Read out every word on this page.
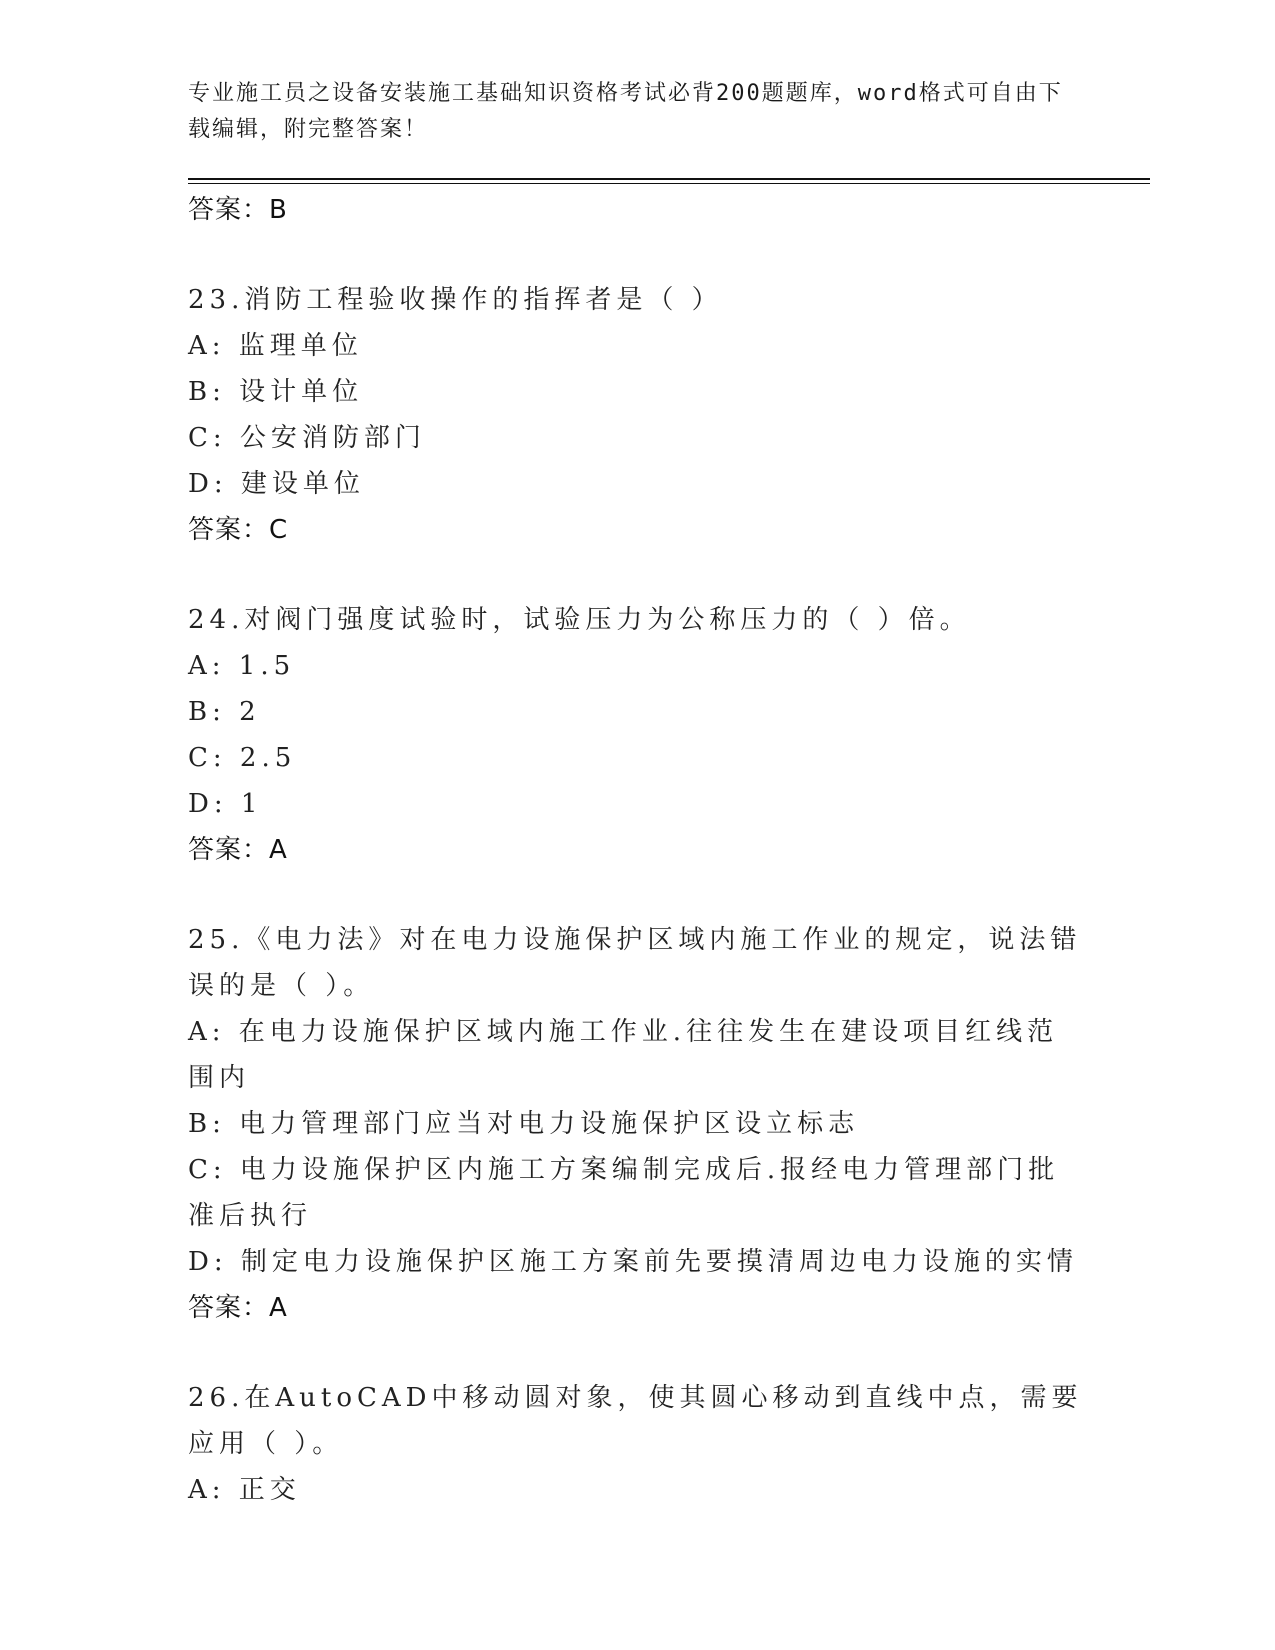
专业施工员之设备安装施工基础知识资格考试必背200题题库，word格式可自由下载编辑，附完整答案！

答案：B

23.消防工程验收操作的指挥者是（ ）

A: 监理单位

B: 设计单位

C: 公安消防部门

D: 建设单位

答案：C

24.对阀门强度试验时，试验压力为公称压力的（ ）倍。

A: 1.5

B: 2

C: 2.5

D: 1

答案：A

25.《电力法》对在电力设施保护区域内施工作业的规定，说法错误的是（ ）。

A: 在电力设施保护区域内施工作业.往往发生在建设项目红线范围内

B: 电力管理部门应当对电力设施保护区设立标志

C: 电力设施保护区内施工方案编制完成后.报经电力管理部门批准后执行

D: 制定电力设施保护区施工方案前先要摸清周边电力设施的实情

答案：A

26.在AutoCAD中移动圆对象，使其圆心移动到直线中点，需要应用（ ）。

A: 正交
